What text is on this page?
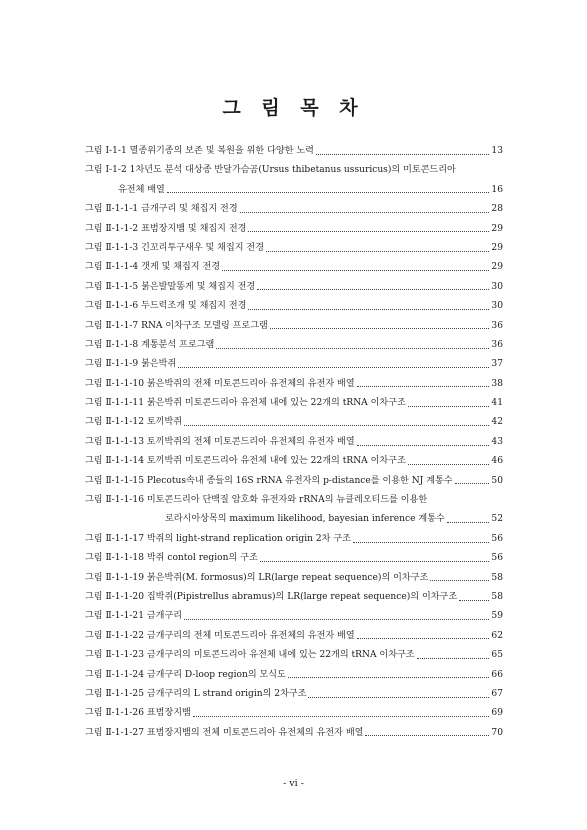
그 림 목 차
그림 Ⅰ-1-1 멸종위기종의 보존 및 복원을 위한 다양한 노력	13
그림 Ⅰ-1-2 1차년도 분석 대상종 반달가슴곰(Ursus thibetanus ussuricus)의 미토콘드리아
유전체 배열	16
그림 Ⅱ-1-1-1 금개구리 및 채집지 전경	28
그림 Ⅱ-1-1-2 표범장지뱀 및 채집지 전경	29
그림 Ⅱ-1-1-3 긴꼬리투구새우 및 채집지 전경	29
그림 Ⅱ-1-1-4 갯게 및 채집지 전경	29
그림 Ⅱ-1-1-5 붉은발말똥게 및 채집지 전경	30
그림 Ⅱ-1-1-6 두드럭조개 및 채집지 전경	30
그림 Ⅱ-1-1-7 RNA 이차구조 모델링 프로그램	36
그림 Ⅱ-1-1-8 계통분석 프로그램	36
그림 Ⅱ-1-1-9 붉은박쥐	37
그림 Ⅱ-1-1-10 붉은박쥐의 전체 미토콘드리아 유전체의 유전자 배열	38
그림 Ⅱ-1-1-11 붉은박쥐 미토콘드리아 유전체 내에 있는 22개의 tRNA 이차구조	41
그림 Ⅱ-1-1-12 토끼박쥐	42
그림 Ⅱ-1-1-13 토끼박쥐의 전체 미토콘드리아 유전체의 유전자 배열	43
그림 Ⅱ-1-1-14 토끼박쥐 미토콘드리아 유전체 내에 있는 22개의 tRNA 이차구조	46
그림 Ⅱ-1-1-15 Plecotus속내 종들의 16S rRNA 유전자의 p-distance를 이용한 NJ 계통수	50
그림 Ⅱ-1-1-16 미토콘드리아 단백질 암호화 유전자와 rRNA의 뉴클레오티드를 이용한
로라시아상목의 maximum likelihood, bayesian inference 계통수	52
그림 Ⅱ-1-1-17 박쥐의 light-strand replication origin 2차 구조	56
그림 Ⅱ-1-1-18 박쥐 contol region의 구조	56
그림 Ⅱ-1-1-19 붉은박쥐(M. formosus)의 LR(large repeat sequence)의 이차구조	58
그림 Ⅱ-1-1-20 집박쥐(Pipistrellus abramus)의 LR(large repeat sequence)의 이차구조	58
그림 Ⅱ-1-1-21 금개구리	59
그림 Ⅱ-1-1-22 금개구리의 전체 미토콘드리아 유전체의 유전자 배열	62
그림 Ⅱ-1-1-23 금개구리의 미토콘드리아 유전체 내에 있는 22개의 tRNA 이차구조	65
그림 Ⅱ-1-1-24 금개구리 D-loop region의 모식도	66
그림 Ⅱ-1-1-25 금개구리의 L strand origin의 2차구조	67
그림 Ⅱ-1-1-26 표범장지뱀	69
그림 Ⅱ-1-1-27 표범장지뱀의 전체 미토콘드리아 유전체의 유전자 배열	70
- vi -
